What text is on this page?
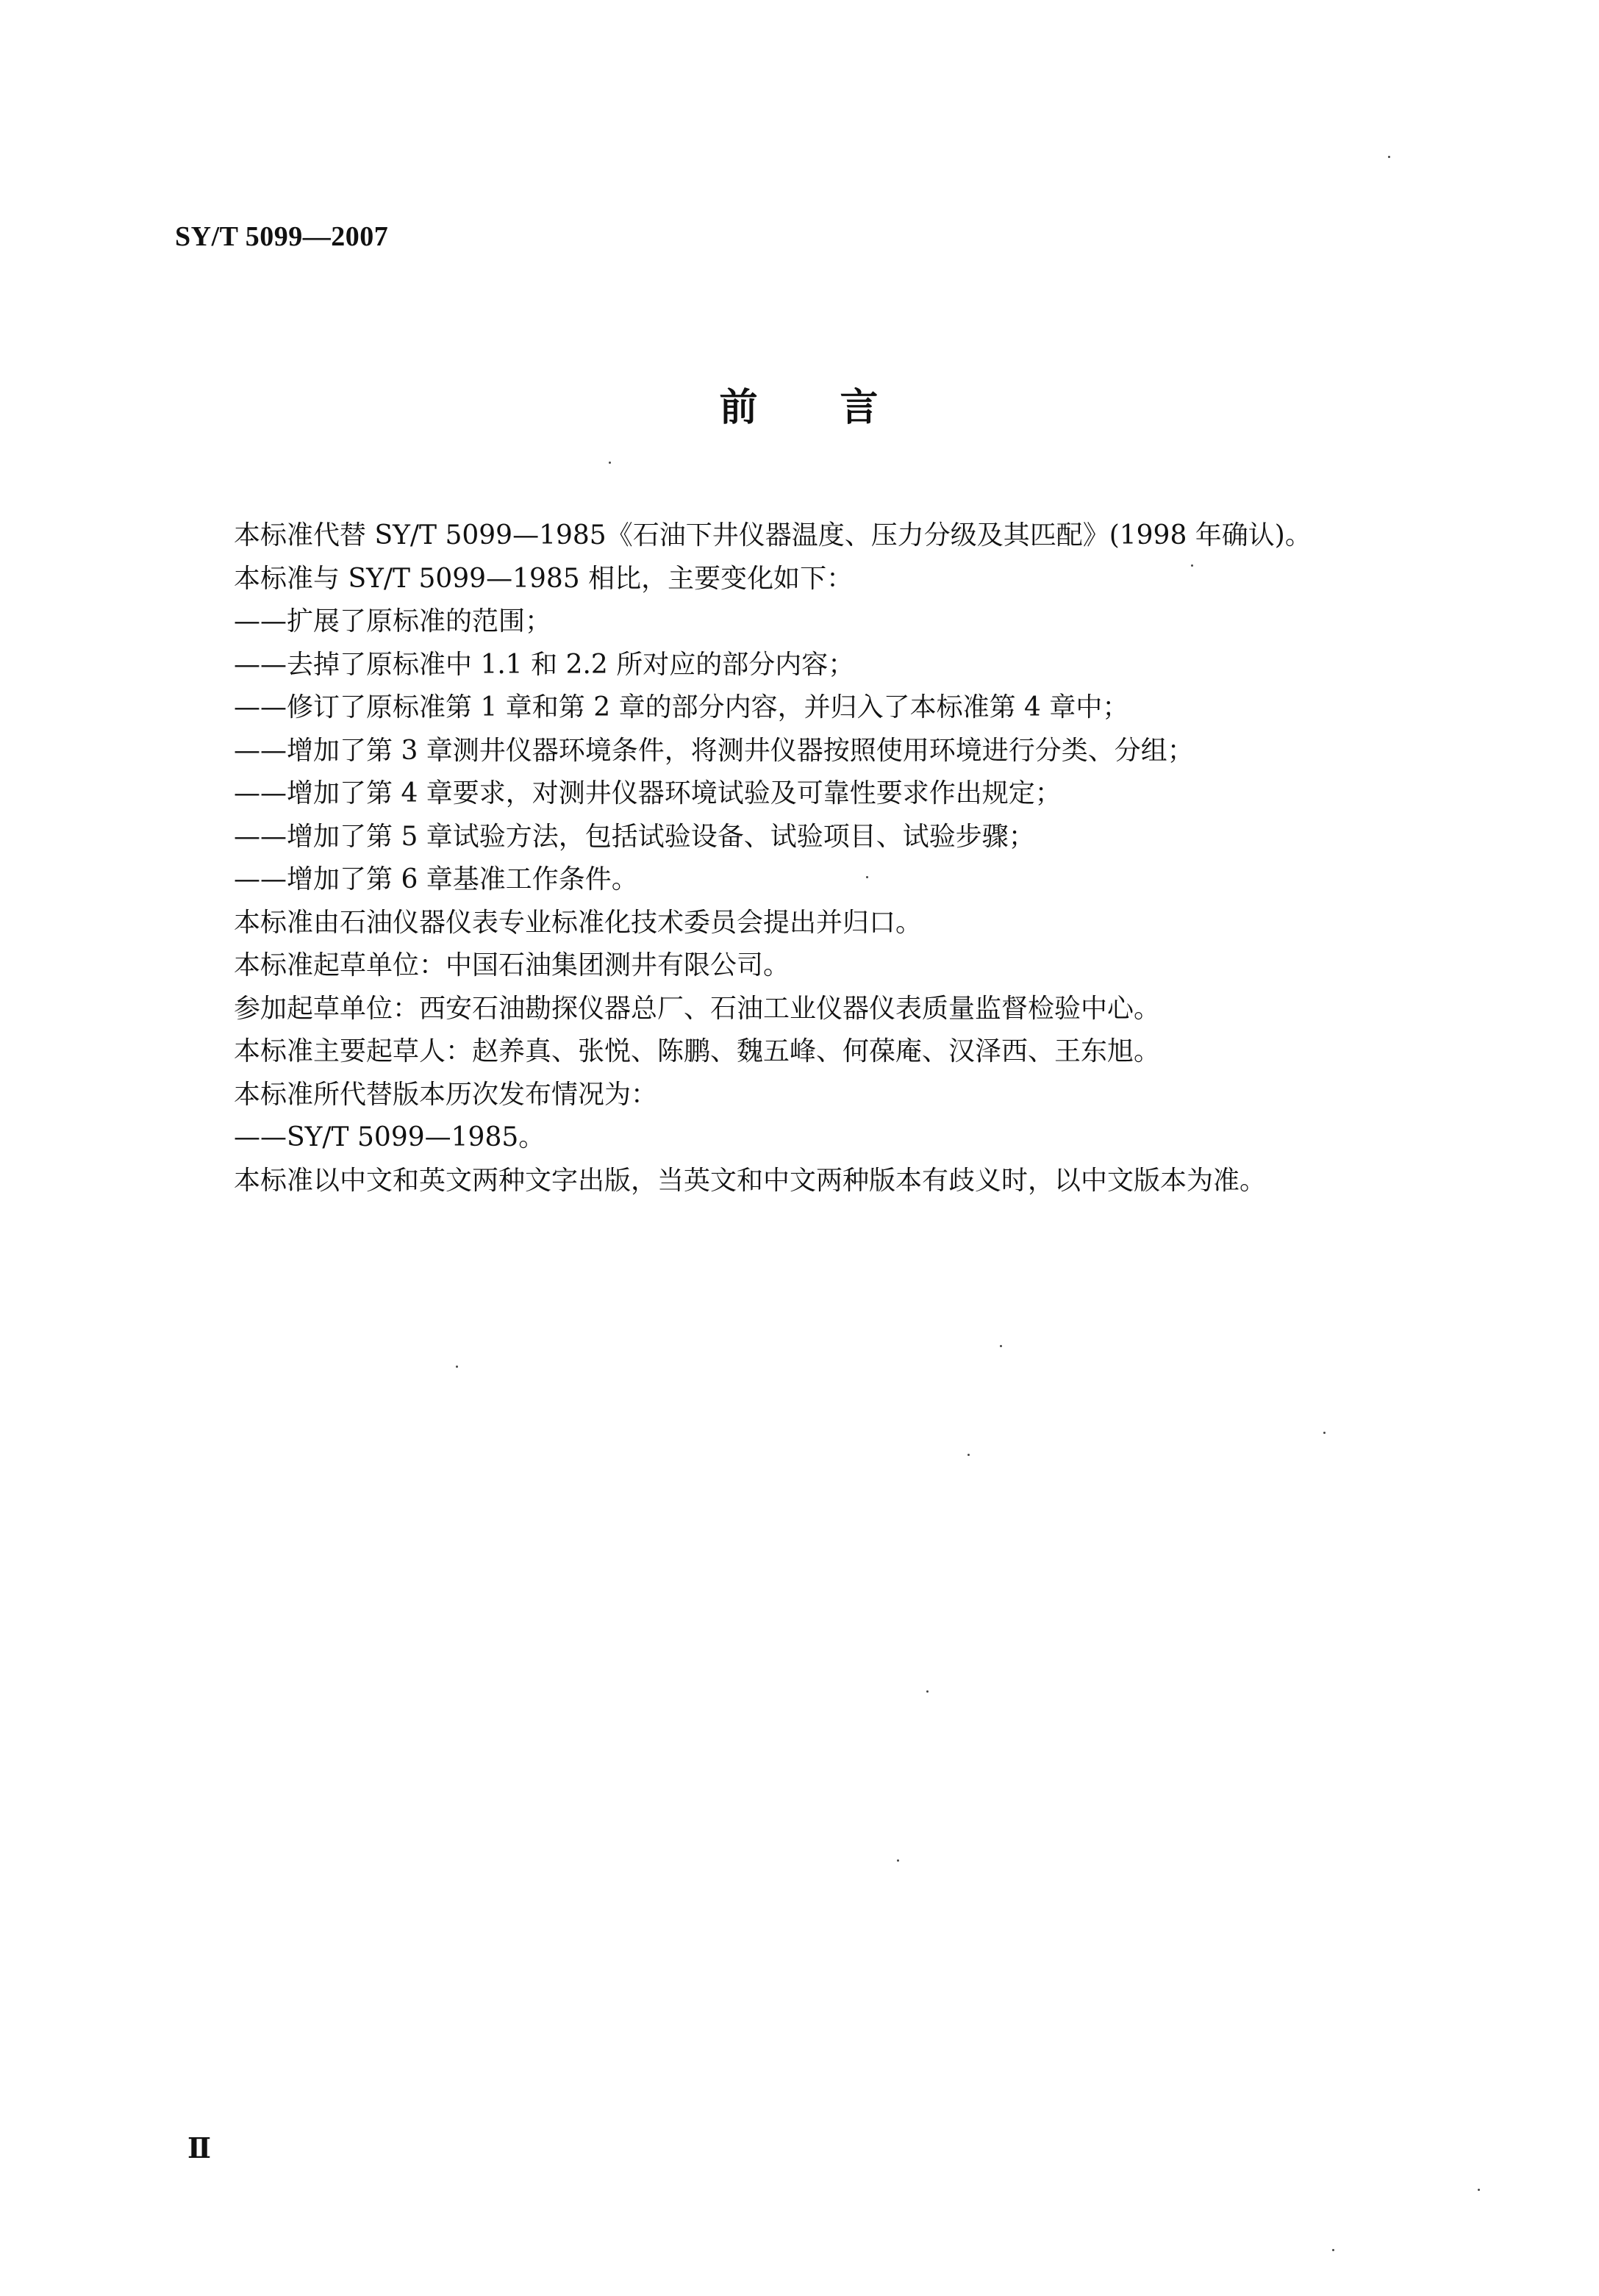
SY/T 5099—2007
前 言
本标准代替 SY/T 5099—1985《石油下井仪器温度、压力分级及其匹配》(1998 年确认)。
本标准与 SY/T 5099—1985 相比，主要变化如下：
——扩展了原标准的范围；
——去掉了原标准中 1.1 和 2.2 所对应的部分内容；
——修订了原标准第 1 章和第 2 章的部分内容，并归入了本标准第 4 章中；
——增加了第 3 章测井仪器环境条件，将测井仪器按照使用环境进行分类、分组；
——增加了第 4 章要求，对测井仪器环境试验及可靠性要求作出规定；
——增加了第 5 章试验方法，包括试验设备、试验项目、试验步骤；
——增加了第 6 章基准工作条件。
本标准由石油仪器仪表专业标准化技术委员会提出并归口。
本标准起草单位：中国石油集团测井有限公司。
参加起草单位：西安石油勘探仪器总厂、石油工业仪器仪表质量监督检验中心。
本标准主要起草人：赵养真、张悦、陈鹏、魏五峰、何葆庵、汉泽西、王东旭。
本标准所代替版本历次发布情况为：
——SY/T 5099—1985。
本标准以中文和英文两种文字出版，当英文和中文两种版本有歧义时，以中文版本为准。
Ⅱ
